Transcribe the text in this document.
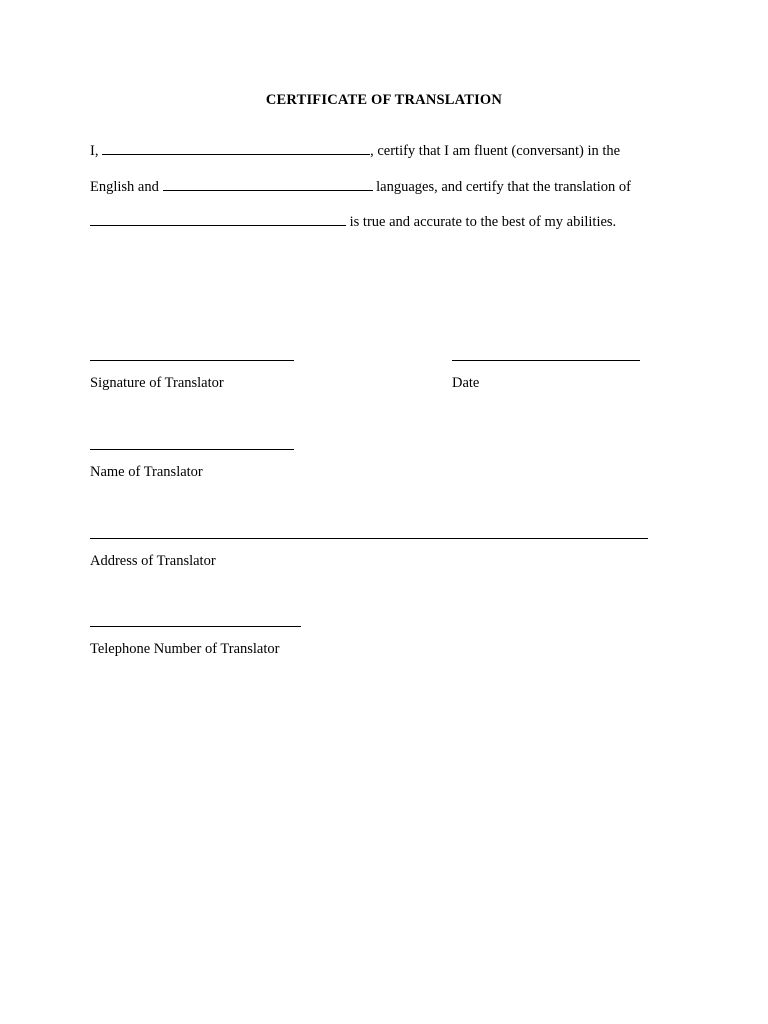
CERTIFICATE OF TRANSLATION
I,	, certify that I am fluent (conversant) in the
English and	languages, and certify that the translation of
is true and accurate to the best of my abilities.
Signature of Translator	Date
Name of Translator
Address of Translator
Telephone Number of Translator
